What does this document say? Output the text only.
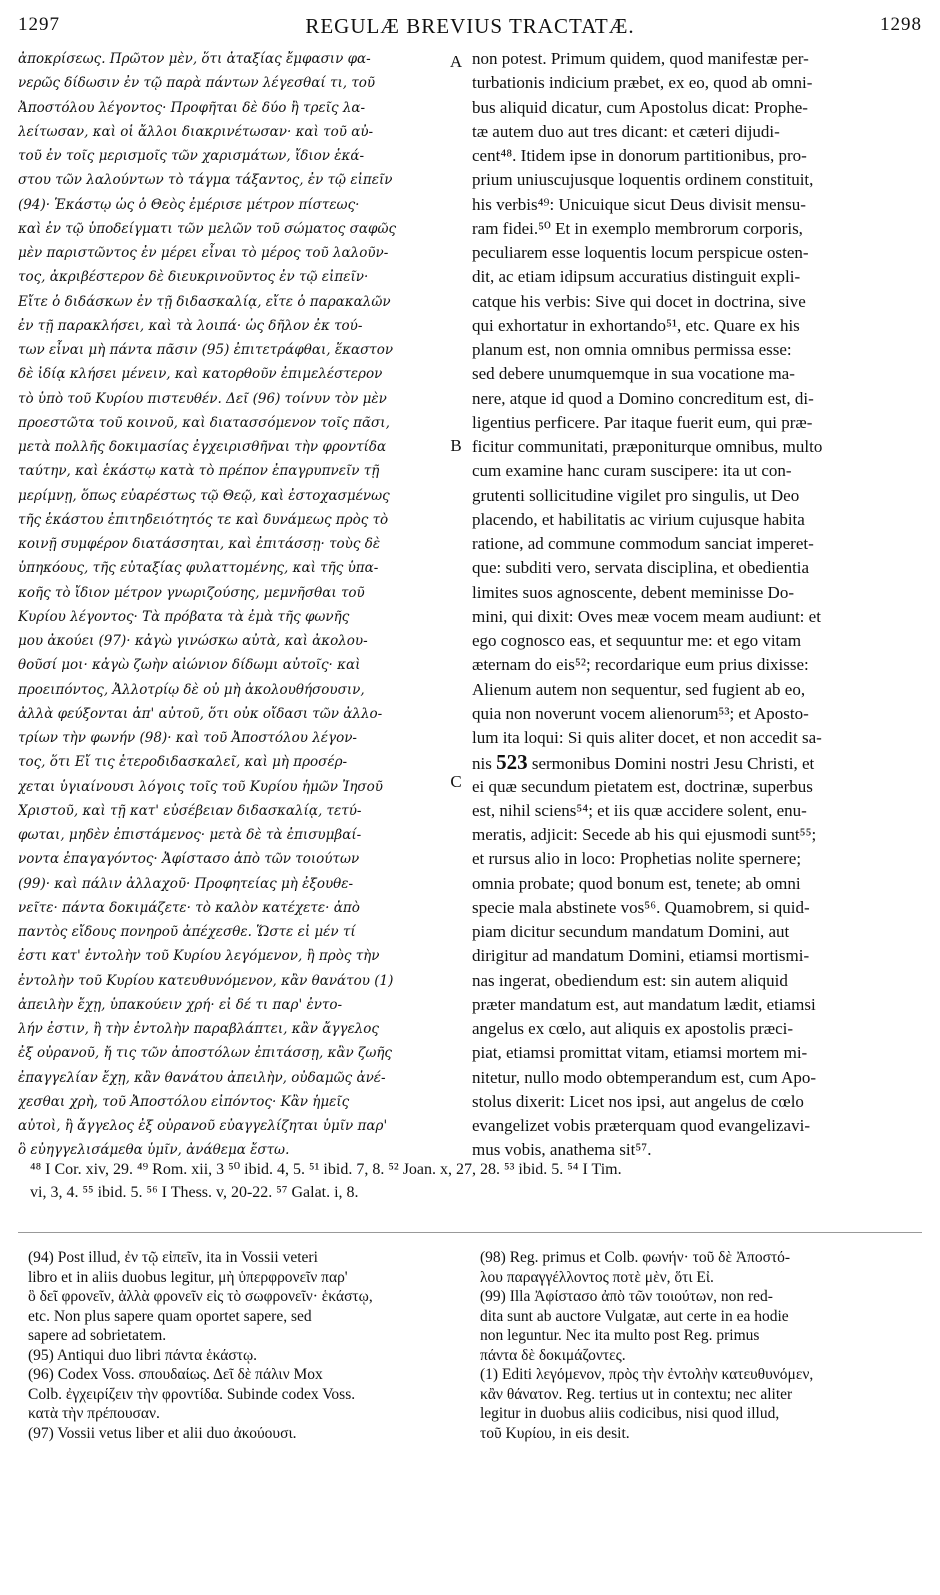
1297	REGULÆ BREVIUS TRACTATÆ.	1298
ἀποκρίσεως. Πρῶτον μὲν, ὅτι ἀταξίας ἔμφασιν φα-
νερῶς δίδωσιν ἐν τῷ παρὰ πάντων λέγεσθαί τι, τοῦ
Ἀποστόλου λέγοντος· Προφῆται δὲ δύο ἢ τρεῖς λα-
λείτωσαν, καὶ οἱ ἄλλοι διακρινέτωσαν· καὶ τοῦ αὐ-
τοῦ ἐν τοῖς μερισμοῖς τῶν χαρισμάτων, ἴδιον ἑκά-
στου τῶν λαλούντων τὸ τάγμα τάξαντος, ἐν τῷ εἰπεῖν
(94)· Ἑκάστῳ ὡς ὁ Θεὸς ἐμέρισε μέτρον πίστεως·
καὶ ἐν τῷ ὑποδείγματι τῶν μελῶν τοῦ σώματος σαφῶς
μὲν παριστῶντος ἐν μέρει εἶναι τὸ μέρος τοῦ λαλοῦν-
τος, ἀκριβέστερον δὲ διευκρινοῦντος ἐν τῷ εἰπεῖν·
Εἴτε ὁ διδάσκων ἐν τῇ διδασκαλίᾳ, εἴτε ὁ παρακαλῶν
ἐν τῇ παρακλήσει, καὶ τὰ λοιπά· ὡς δῆλον ἐκ τού-
των εἶναι μὴ πάντα πᾶσιν (95) ἐπιτετράφθαι, ἕκαστον
δὲ ἰδίᾳ κλήσει μένειν, καὶ κατορθοῦν ἐπιμελέστερον
τὸ ὑπὸ τοῦ Κυρίου πιστευθέν. Δεῖ (96) τοίνυν τὸν μὲν
προεστῶτα τοῦ κοινοῦ, καὶ διατασσόμενον τοῖς πᾶσι,
μετὰ πολλῆς δοκιμασίας ἐγχειρισθῆναι τὴν φροντίδα
ταύτην, καὶ ἑκάστῳ κατὰ τὸ πρέπον ἐπαγρυπνεῖν τῇ
μερίμνῃ, ὅπως εὐαρέστως τῷ Θεῷ, καὶ ἐστοχασμένως
τῆς ἑκάστου ἐπιτηδειότητός τε καὶ δυνάμεως πρὸς τὸ
κοινῇ συμφέρον διατάσσηται, καὶ ἐπιτάσσῃ· τοὺς δὲ
ὑπηκόους, τῆς εὐταξίας φυλαττομένης, καὶ τῆς ὑπα-
κοῆς τὸ ἴδιον μέτρον γνωριζούσης, μεμνῆσθαι τοῦ
Κυρίου λέγοντος· Τὰ πρόβατα τὰ ἐμὰ τῆς φωνῆς
μου ἀκούει (97)· κἀγὼ γινώσκω αὐτὰ, καὶ ἀκολου-
θοῦσί μοι· κἀγὼ ζωὴν αἰώνιον δίδωμι αὐτοῖς· καὶ
προειπόντος, Ἀλλοτρίῳ δὲ οὐ μὴ ἀκολουθήσουσιν,
ἀλλὰ φεύξονται ἀπ' αὐτοῦ, ὅτι οὐκ οἴδασι τῶν ἀλλο-
τρίων τὴν φωνήν (98)· καὶ τοῦ Ἀποστόλου λέγον-
τος, ὅτι Εἴ τις ἑτεροδιδασκαλεῖ, καὶ μὴ προσέρ-
χεται ὑγιαίνουσι λόγοις τοῖς τοῦ Κυρίου ἡμῶν Ἰησοῦ
Χριστοῦ, καὶ τῇ κατ' εὐσέβειαν διδασκαλίᾳ, τετύ-
φωται, μηδὲν ἐπιστάμενος· μετὰ δὲ τὰ ἐπισυμβαί-
νοντα ἐπαγαγόντος· Ἀφίστασο ἀπὸ τῶν τοιούτων
(99)· καὶ πάλιν ἀλλαχοῦ· Προφητείας μὴ ἐξουθε-
νεῖτε· πάντα δοκιμάζετε· τὸ καλὸν κατέχετε· ἀπὸ
παντὸς εἴδους πονηροῦ ἀπέχεσθε. Ὥστε εἰ μέν τί
ἐστι κατ' ἐντολὴν τοῦ Κυρίου λεγόμενον, ἢ πρὸς τὴν
ἐντολὴν τοῦ Κυρίου κατευθυνόμενον, κἂν θανάτου (1)
ἀπειλὴν ἔχῃ, ὑπακούειν χρή· εἰ δέ τι παρ' ἐντο-
λήν ἐστιν, ἢ τὴν ἐντολὴν παραβλάπτει, κἂν ἄγγελος
ἐξ οὐρανοῦ, ἤ τις τῶν ἀποστόλων ἐπιτάσσῃ, κἂν ζωῆς
ἐπαγγελίαν ἔχῃ, κἂν θανάτου ἀπειλὴν, οὐδαμῶς ἀνέ-
χεσθαι χρὴ, τοῦ Ἀποστόλου εἰπόντος· Κἂν ἡμεῖς
αὐτοὶ, ἢ ἄγγελος ἐξ οὐρανοῦ εὐαγγελίζηται ὑμῖν παρ'
ὃ εὐηγγελισάμεθα ὑμῖν, ἀνάθεμα ἔστω.
A
B
C
non potest. Primum quidem, quod manifestæ per-
turbationis indicium præbet, ex eo, quod ab omni-
bus aliquid dicatur, cum Apostolus dicat: Prophe-
tæ autem duo aut tres dicant: et cæteri dijudi-
cent⁴⁸. Itidem ipse in donorum partitionibus, pro-
prium uniuscujusque loquentis ordinem constituit,
his verbis⁴⁹: Unicuique sicut Deus divisit mensu-
ram fidei.⁵⁰ Et in exemplo membrorum corporis,
peculiarem esse loquentis locum perspicue osten-
dit, ac etiam idipsum accuratius distinguit expli-
catque his verbis: Sive qui docet in doctrina, sive
qui exhortatur in exhortando⁵¹, etc. Quare ex his
planum est, non omnia omnibus permissa esse:
sed debere unumquemque in sua vocatione ma-
nere, atque id quod a Domino concreditum est, di-
ligentius perficere. Par itaque fuerit eum, qui præ-
ficitur communitati, præponiturque omnibus, multo
cum examine hanc curam suscipere: ita ut con-
grutenti sollicitudine vigilet pro singulis, ut Deo
placendo, et habilitatis ac virium cujusque habita
ratione, ad commune commodum sanciat imperet-
que: subditi vero, servata disciplina, et obedientia
limites suos agnoscente, debent meminisse Do-
mini, qui dixit: Oves meæ vocem meam audiunt: et
ego cognosco eas, et sequuntur me: et ego vitam
æternam do eis⁵²; recordarique eum prius dixisse:
Alienum autem non sequentur, sed fugient ab eo,
quia non noverunt vocem alienorum⁵³; et Aposto-
lum ita loqui: Si quis aliter docet, et non accedit sa-
nis 523 sermonibus Domini nostri Jesu Christi, et
ei quæ secundum pietatem est, doctrinæ, superbus
est, nihil sciens⁵⁴; et iis quæ accidere solent, enu-
meratis, adjicit: Secede ab his qui ejusmodi sunt⁵⁵;
et rursus alio in loco: Prophetias nolite spernere;
omnia probate; quod bonum est, tenete; ab omni
specie mala abstinete vos⁵⁶. Quamobrem, si quid-
piam dicitur secundum mandatum Domini, aut
dirigitur ad mandatum Domini, etiamsi mortismi-
nas ingerat, obediendum est: sin autem aliquid
præter mandatum est, aut mandatum lædit, etiamsi
angelus ex cœlo, aut aliquis ex apostolis præci-
piat, etiamsi promittat vitam, etiamsi mortem mi-
nitetur, nullo modo obtemperandum est, cum Apo-
stolus dixerit: Licet nos ipsi, aut angelus de cœlo
evangelizet vobis præterquam quod evangelizavi-
mus vobis, anathema sit⁵⁷.
⁴⁸ I Cor. xiv, 29. ⁴⁹ Rom. xii, 3 ⁵⁰ ibid. 4, 5. ⁵¹ ibid. 7, 8. ⁵² Joan. x, 27, 28. ⁵³ ibid. 5. ⁵⁴ I Tim.
vi, 3, 4. ⁵⁵ ibid. 5. ⁵⁶ I Thess. v, 20-22. ⁵⁷ Galat. i, 8.
(94) Post illud, ἐν τῷ εἰπεῖν, ita in Vossii veteri
libro et in aliis duobus legitur, μὴ ὑπερφρονεῖν παρ'
ὃ δεῖ φρονεῖν, ἀλλὰ φρονεῖν εἰς τὸ σωφρονεῖν· ἑκάστῳ,
etc. Non plus sapere quam oportet sapere, sed
sapere ad sobrietatem.
(95) Antiqui duo libri πάντα ἑκάστῳ.
(96) Codex Voss. σπουδαίως. Δεῖ δὲ πάλιν Mox
Colb. ἐγχειρίζειν τὴν φροντίδα. Subinde codex Voss.
κατὰ τὴν πρέπουσαν.
(97) Vossii vetus liber et alii duo ἀκούουσι.
(98) Reg. primus et Colb. φωνήν· τοῦ δὲ Ἀποστό-
λου παραγγέλλοντος ποτὲ μὲν, ὅτι Εἰ.
(99) Illa Ἀφίστασο ἀπὸ τῶν τοιούτων, non red-
dita sunt ab auctore Vulgatæ, aut certe in ea hodie
non leguntur. Nec ita multo post Reg. primus
πάντα δὲ δοκιμάζοντες.
(1) Editi λεγόμενον, πρὸς τὴν ἐντολὴν κατευθυνόμεν,
κἂν θάνατον. Reg. tertius ut in contextu; nec aliter
legitur in duobus aliis codicibus, nisi quod illud,
τοῦ Κυρίου, in eis desit.
